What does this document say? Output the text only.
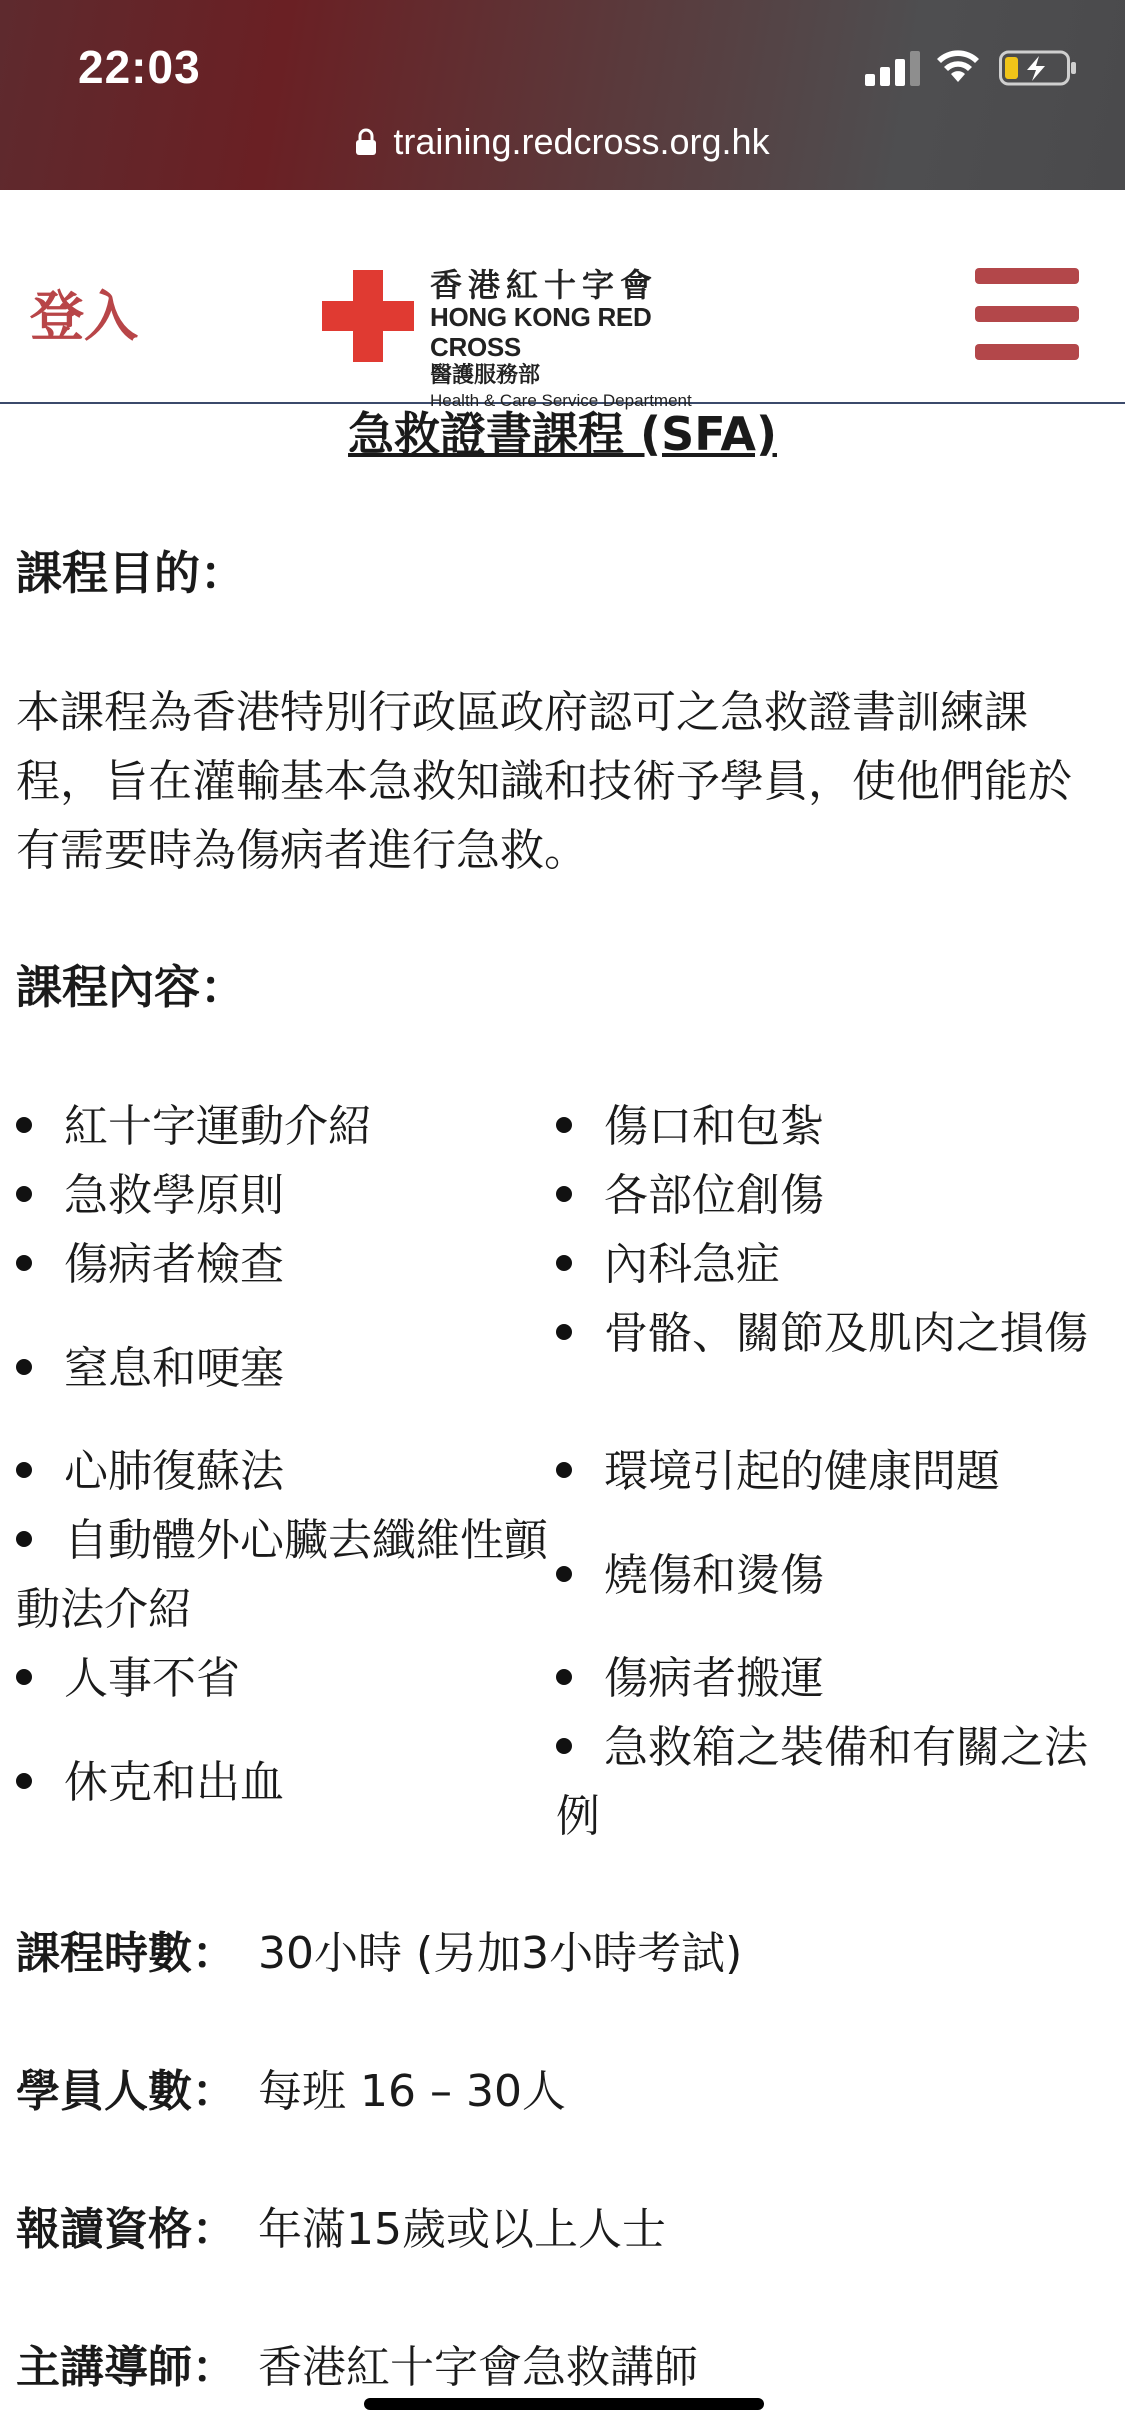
22:03
training.redcross.org.hk
登入	香港紅十字會
HONG KONG RED CROSS
醫護服務部
Health & Care Service Department
急救證書課程 (SFA)
課程目的：
本課程為香港特別行政區政府認可之急救證書訓練課程，旨在灌輸基本急救知識和技術予學員，使他們能於有需要時為傷病者進行急救。
課程內容：
紅十字運動介紹
急救學原則
傷病者檢查
窒息和哽塞
心肺復蘇法
自動體外心臟去纖維性顫動法介紹
人事不省
休克和出血
傷口和包紮
各部位創傷
內科急症
骨骼、關節及肌肉之損傷
環境引起的健康問題
燒傷和燙傷
傷病者搬運
急救箱之裝備和有關之法例
課程時數： 30小時 (另加3小時考試)
學員人數： 每班 16 – 30人
報讀資格： 年滿15歲或以上人士
主講導師： 香港紅十字會急救講師
